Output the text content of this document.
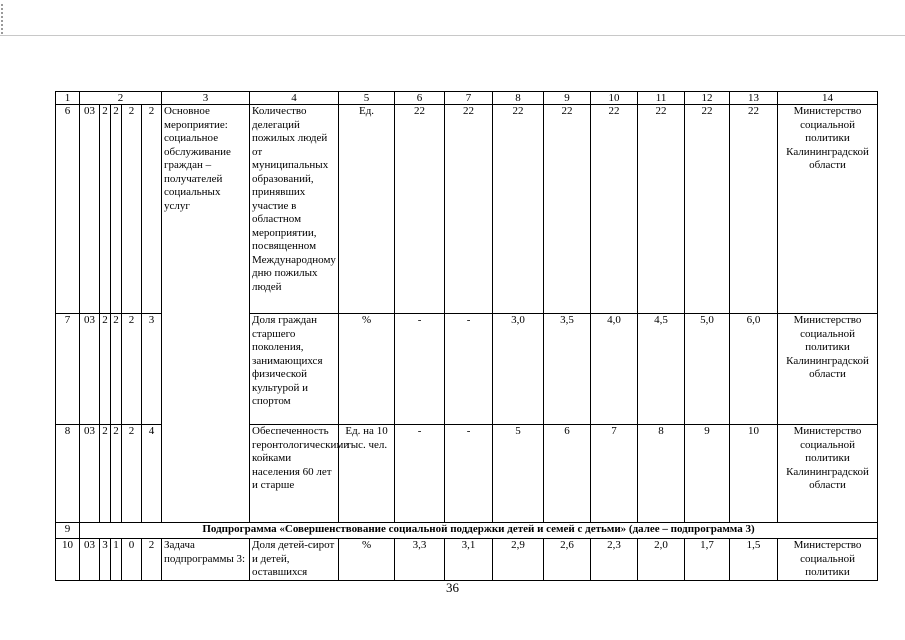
1	2					3	4	5	6	7	8	9	10	11	12	13	14
6	03	2	2	2	2	Основное мероприятие: социальное обслуживание граждан – получателей социальных услуг	Количество делегаций пожилых людей от муниципальных образований, принявших участие в областном мероприятии, посвященном Международному дню пожилых людей	Ед.	22	22	22	22	22	22	22	22	Министерство социальной политики Калининградской области
7	03	2	2	2	3		Доля граждан старшего поколения, занимающихся физической культурой и спортом	%	-	-	3,0	3,5	4,0	4,5	5,0	6,0	Министерство социальной политики Калининградской области
8	03	2	2	2	4		Обеспеченность геронтологическими койками населения 60 лет и старше	Ед. на 10 тыс. чел.	-	-	5	6	7	8	9	10	Министерство социальной политики Калининградской области
9	Подпрограмма «Совершенствование социальной поддержки детей и семей с детьми» (далее – подпрограмма 3)																
10	03	3	1	0	2	Задача подпрограммы 3:	Доля детей-сирот и детей, оставшихся	%	3,3	3,1	2,9	2,6	2,3	2,0	1,7	1,5	Министерство социальной политики
36
